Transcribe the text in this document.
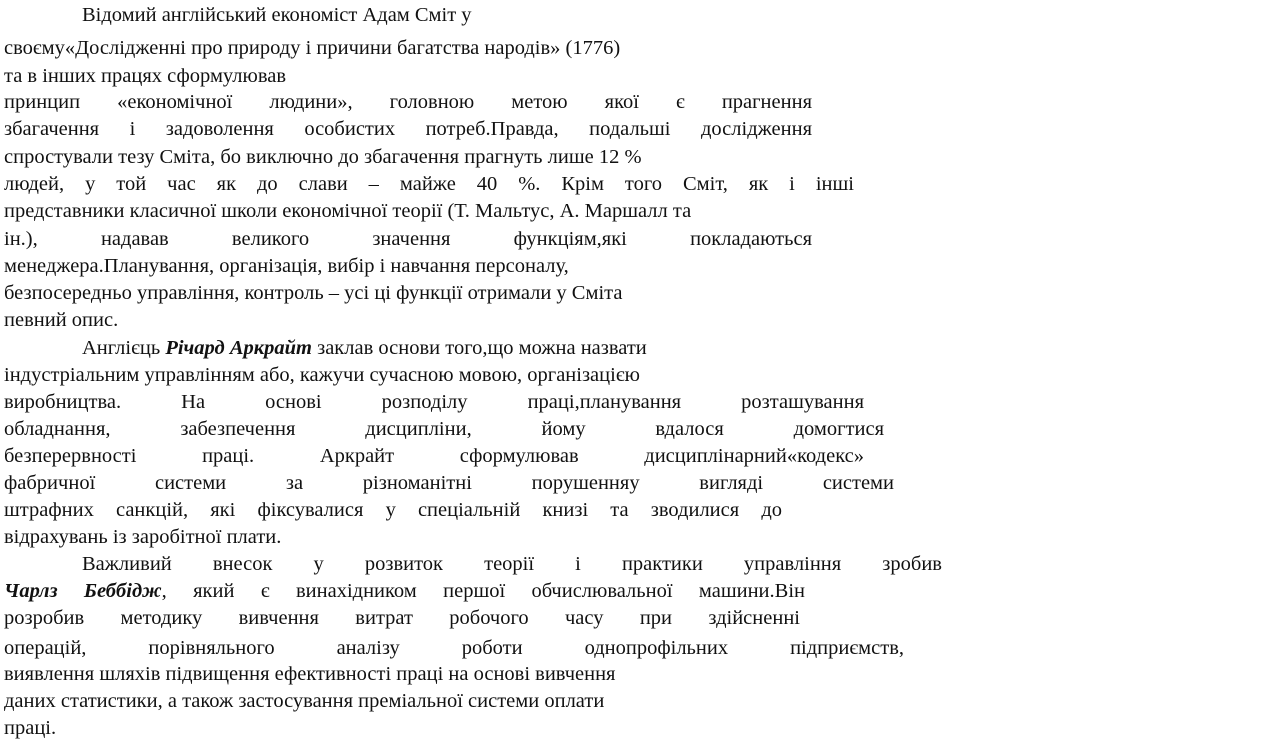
Відомий англійський економіст Адам Сміт у

своєму«Дослідженні про природу і причини багатства народів» (1776)

та в інших працях сформулював

принцип «економічної людини», головною метою якої є прагнення

збагачення і задоволення особистих потреб.Правда, подальші дослідження

спростували тезу Сміта, бо виключно до збагачення прагнуть лише 12 %

людей, у той час як до слави – майже 40 %. Крім того Сміт, як і інші

представники класичної школи економічної теорії (Т. Мальтус, А. Маршалл та

ін.), надавав великого значення функціям,які покладаються

менеджера.Планування, організація, вибір і навчання персоналу,

безпосередньо управління, контроль – усі ці функції отримали у Сміта

певний опис.

Англієць Річард Аркрайт заклав основи того,що можна назвати

індустріальним управлінням або, кажучи сучасною мовою, організацією

виробництва. На основі розподілу праці,планування розташування

обладнання, забезпечення дисципліни, йому вдалося домогтися

безперервності праці. Аркрайт сформулював дисциплінарний«кодекс»

фабричної системи за різноманітні порушенняу вигляді системи

штрафних санкцій, які фіксувалися у спеціальній книзі та зводилися до

відрахувань із заробітної плати.

Важливий внесок у розвиток теорії і практики управління зробив

Чарлз Беббідж, який є винахідником першої обчислювальної машини.Він

розробив методику вивчення витрат робочого часу при здійсненні

операцій, порівняльного аналізу роботи однопрофільних підприємств,

виявлення шляхів підвищення ефективності праці на основі вивчення

даних статистики, а також застосування преміальної системи оплати

праці.
